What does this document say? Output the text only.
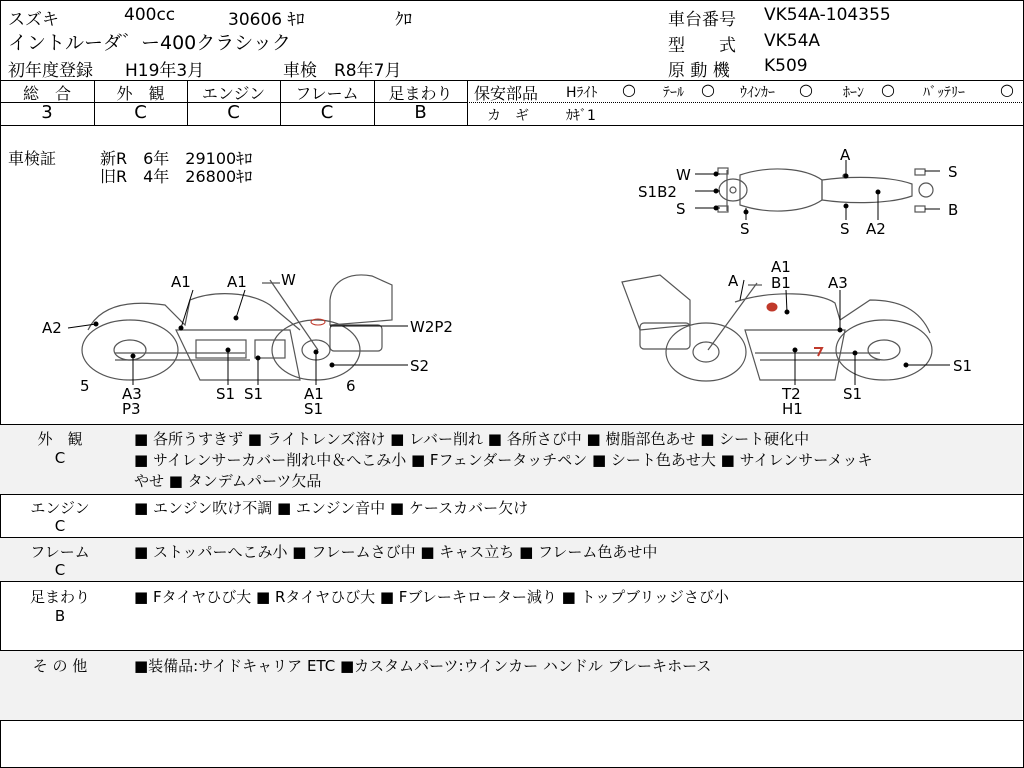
スズキ	400cc	30606 ｷﾛ	ｸﾛ
イントルーダ゛ー400クラシック
初年度登録 H19年3月	車検 R8年7月
車台番号 VK54A-104355
型　　式 VK54A
原 動 機 K509
総　合	外　観	エンジン	フレーム	足まわり
3	C	C	C	B
保安部品 Hﾗｲﾄ ○ ﾃｰﾙ ○ ｳｲﾝｶｰ ○ ﾎｰﾝ ○ ﾊﾞｯﾃﾘｰ ○
カ　ギ	ｶｷﾞ1
車検証	新R　6年　29100ｷﾛ
旧R　4年　26800ｷﾛ	W
S1B2
S
S
A
S
S
A2
B
A1 A1 W
A2	W2P2
S2
5 A3
P3
S1 S1	A1
S1
6
A
A1
B1 A3
S1
T2
H1
S1
外　観
C
■ 各所うすきず ■ ライトレンズ溶け ■ レバー削れ ■ 各所さび中 ■ 樹脂部色あせ ■ シート硬化中
■ サイレンサーカバー削れ中＆へこみ小 ■ Fフェンダータッチペン ■ シート色あせ大 ■ サイレンサーメッキ
やせ ■ タンデムパーツ欠品
エンジン
C
■ エンジン吹け不調 ■ エンジン音中 ■ ケースカバー欠け
フレーム
C
■ ストッパーへこみ小 ■ フレームさび中 ■ キャス立ち ■ フレーム色あせ中
足まわり
B
■ Fタイヤひび大 ■ Rタイヤひび大 ■ Fブレーキローター減り ■ トップブリッジさび小
そ の 他	■装備品:サイドキャリア ETC ■カスタムパーツ:ウインカー ハンドル ブレーキホース
